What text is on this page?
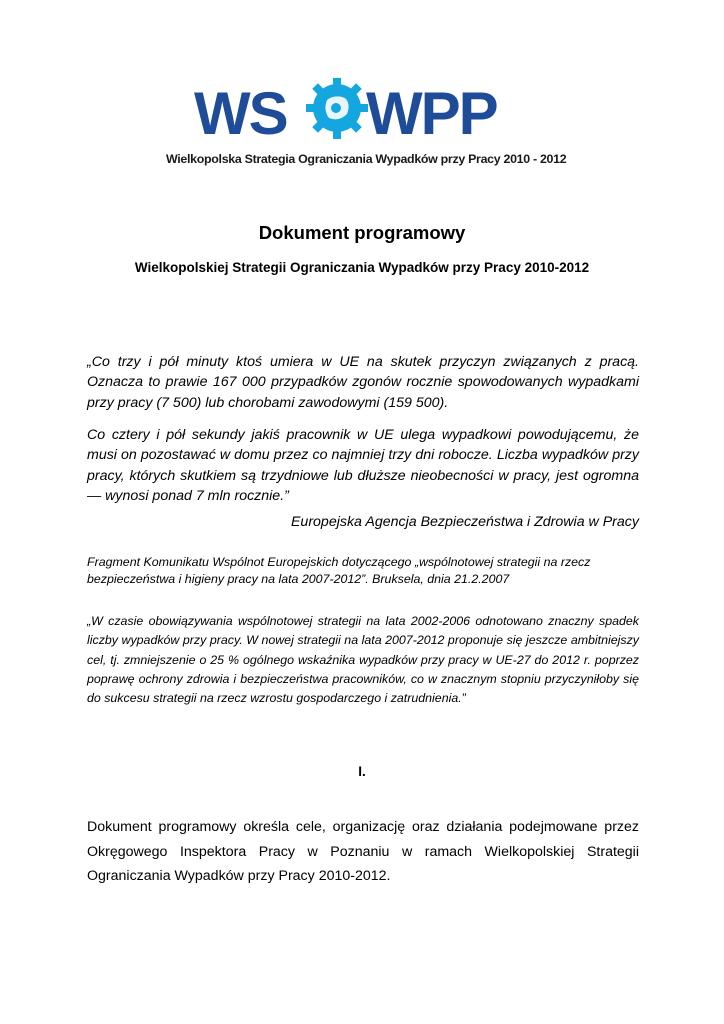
WS WPP
Wielkopolska Strategia Ograniczania Wypadków przy Pracy 2010 - 2012
Dokument programowy
Wielkopolskiej Strategii Ograniczania Wypadków przy Pracy 2010-2012

„Co trzy i pół minuty ktoś umiera w UE na skutek przyczyn związanych z pracą. Oznacza to prawie 167 000 przypadków zgonów rocznie spowodowanych wypadkami przy pracy (7 500) lub chorobami zawodowymi (159 500).

Co cztery i pół sekundy jakiś pracownik w UE ulega wypadkowi powodującemu, że musi on pozostawać w domu przez co najmniej trzy dni robocze. Liczba wypadków przy pracy, których skutkiem są trzydniowe lub dłuższe nieobecności w pracy, jest ogromna — wynosi ponad 7 mln rocznie.”

Europejska Agencja Bezpieczeństwa i Zdrowia w Pracy

Fragment Komunikatu Wspólnot Europejskich dotyczącego „wspólnotowej strategii na rzecz
bezpieczeństwa i higieny pracy na lata 2007-2012”. Bruksela, dnia 21.2.2007

„W czasie obowiązywania wspólnotowej strategii na lata 2002-2006 odnotowano znaczny spadek liczby wypadków przy pracy. W nowej strategii na lata 2007-2012 proponuje się jeszcze ambitniejszy cel, tj. zmniejszenie o 25 % ogólnego wskaźnika wypadków przy pracy w UE-27 do 2012 r. poprzez poprawę ochrony zdrowia i bezpieczeństwa pracowników, co w znacznym stopniu przyczyniłoby się do sukcesu strategii na rzecz wzrostu gospodarczego i zatrudnienia.”

I.

Dokument programowy określa cele, organizację oraz działania podejmowane przez Okręgowego Inspektora Pracy w Poznaniu w ramach Wielkopolskiej Strategii Ograniczania Wypadków przy Pracy 2010-2012.
